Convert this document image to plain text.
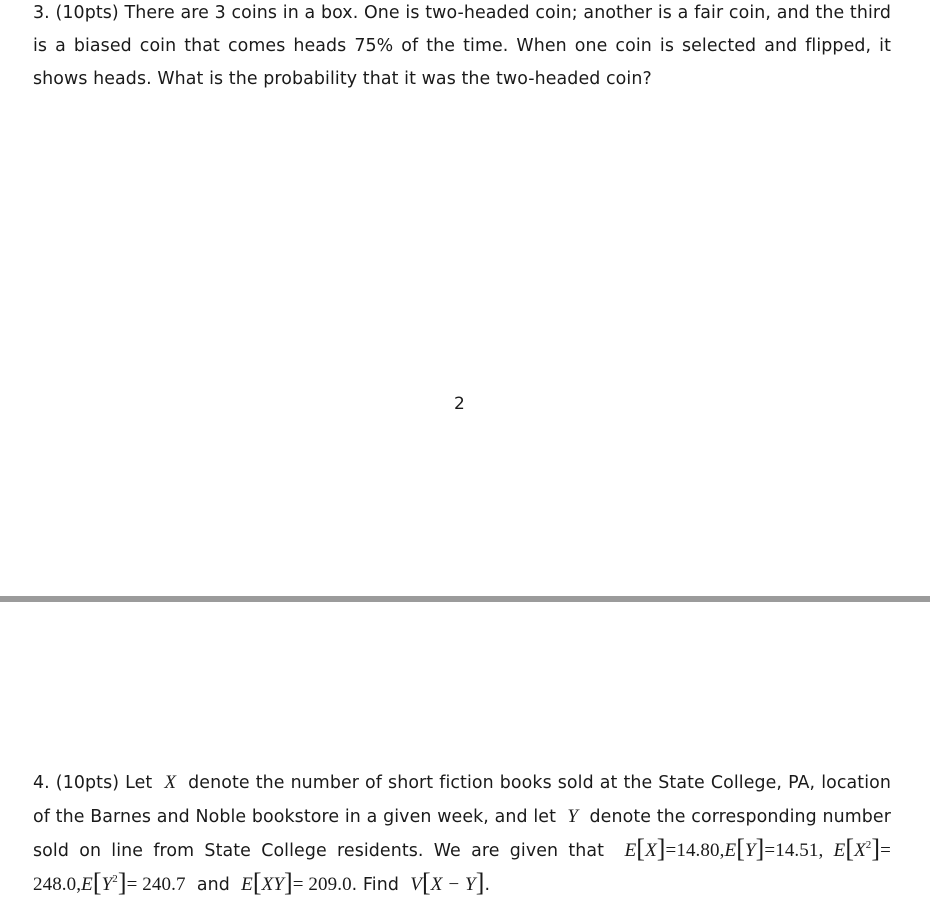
3. (10pts) There are 3 coins in a box. One is two-headed coin; another is a fair coin, and the third is a biased coin that comes heads 75% of the time. When one coin is selected and flipped, it shows heads. What is the probability that it was the two-headed coin?
2
4. (10pts) Let X denote the number of short fiction books sold at the State College, PA, location of the Barnes and Noble bookstore in a given week, and let Y denote the corresponding number sold on line from State College residents. We are given that E[X]=14.80,E[Y]=14.51, $E[X^2]= 248.0,E[Y^2]= 240.7$ and E[XY]= 209.0. Find V[X − Y].
